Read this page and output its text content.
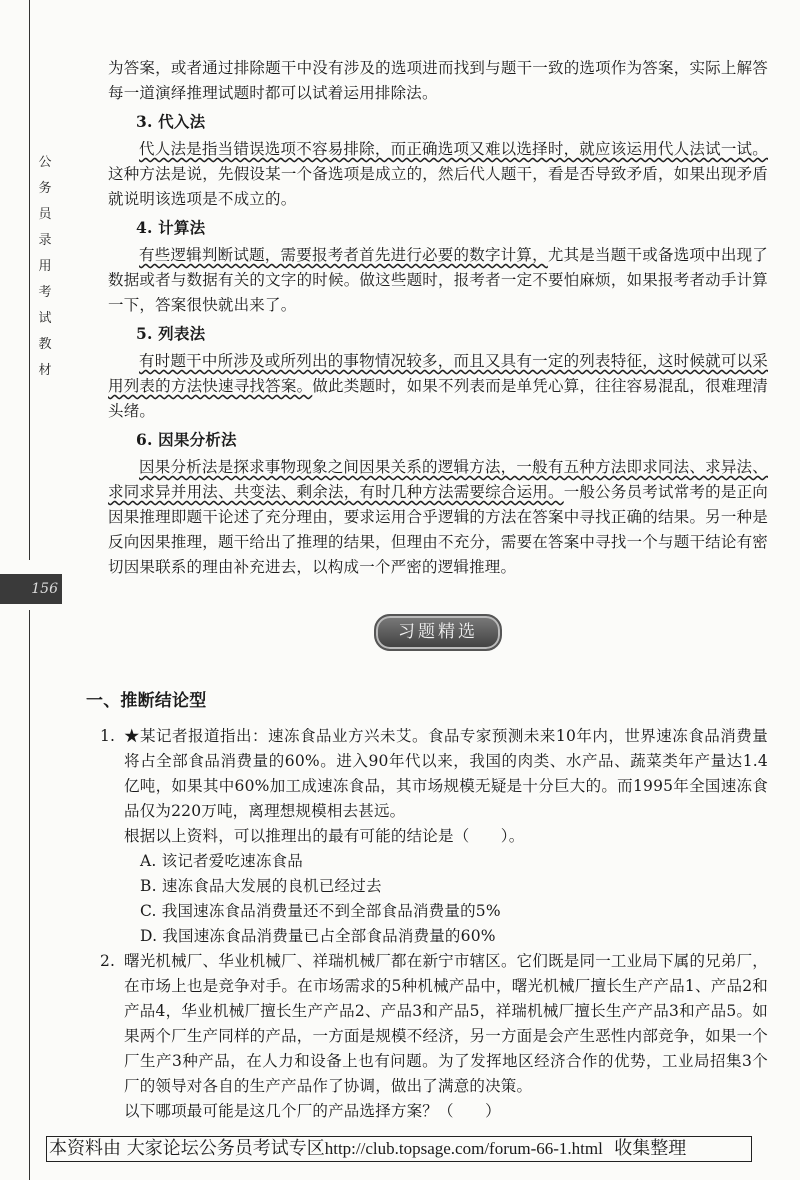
公务员录用考试教材
156

为答案，或者通过排除题干中没有涉及的选项进而找到与题干一致的选项作为答案，实际上解答每一道演绎推理试题时都可以试着运用排除法。

3. 代入法

代人法是指当错误选项不容易排除，而正确选项又难以选择时，就应该运用代人法试一试。这种方法是说，先假设某一个备选项是成立的，然后代人题干，看是否导致矛盾，如果出现矛盾就说明该选项是不成立的。

4. 计算法

有些逻辑判断试题，需要报考者首先进行必要的数字计算，尤其是当题干或备选项中出现了数据或者与数据有关的文字的时候。做这些题时，报考者一定不要怕麻烦，如果报考者动手计算一下，答案很快就出来了。

5. 列表法

有时题干中所涉及或所列出的事物情况较多，而且又具有一定的列表特征，这时候就可以采用列表的方法快速寻找答案。做此类题时，如果不列表而是单凭心算，往往容易混乱，很难理清头绪。

6. 因果分析法

因果分析法是探求事物现象之间因果关系的逻辑方法，一般有五种方法即求同法、求异法、求同求异并用法、共变法、剩余法，有时几种方法需要综合运用。一般公务员考试常考的是正向因果推理即题干论述了充分理由，要求运用合乎逻辑的方法在答案中寻找正确的结果。另一种是反向因果推理，题干给出了推理的结果，但理由不充分，需要在答案中寻找一个与题干结论有密切因果联系的理由补充进去，以构成一个严密的逻辑推理。

习题精选
一、推断结论型
1. ★某记者报道指出：速冻食品业方兴未艾。食品专家预测未来10年内，世界速冻食品消费量将占全部食品消费量的60%。进入90年代以来，我国的肉类、水产品、蔬菜类年产量达1.4亿吨，如果其中60%加工成速冻食品，其市场规模无疑是十分巨大的。而1995年全国速冻食品仅为220万吨，离理想规模相去甚远。

根据以上资料，可以推理出的最有可能的结论是（　　）。

A. 该记者爱吃速冻食品
B. 速冻食品大发展的良机已经过去
C. 我国速冻食品消费量还不到全部食品消费量的5%
D. 我国速冻食品消费量已占全部食品消费量的60%
2. 曙光机械厂、华业机械厂、祥瑞机械厂都在新宁市辖区。它们既是同一工业局下属的兄弟厂，在市场上也是竞争对手。在市场需求的5种机械产品中，曙光机械厂擅长生产产品1、产品2和产品4，华业机械厂擅长生产产品2、产品3和产品5，祥瑞机械厂擅长生产产品3和产品5。如果两个厂生产同样的产品，一方面是规模不经济，另一方面是会产生恶性内部竞争，如果一个厂生产3种产品，在人力和设备上也有问题。为了发挥地区经济合作的优势，工业局招集3个厂的领导对各自的生产产品作了协调，做出了满意的决策。

以下哪项最可能是这几个厂的产品选择方案？（　　）

本资料由 大家论坛公务员考试专区http://club.topsage.com/forum-66-1.html 收集整理
